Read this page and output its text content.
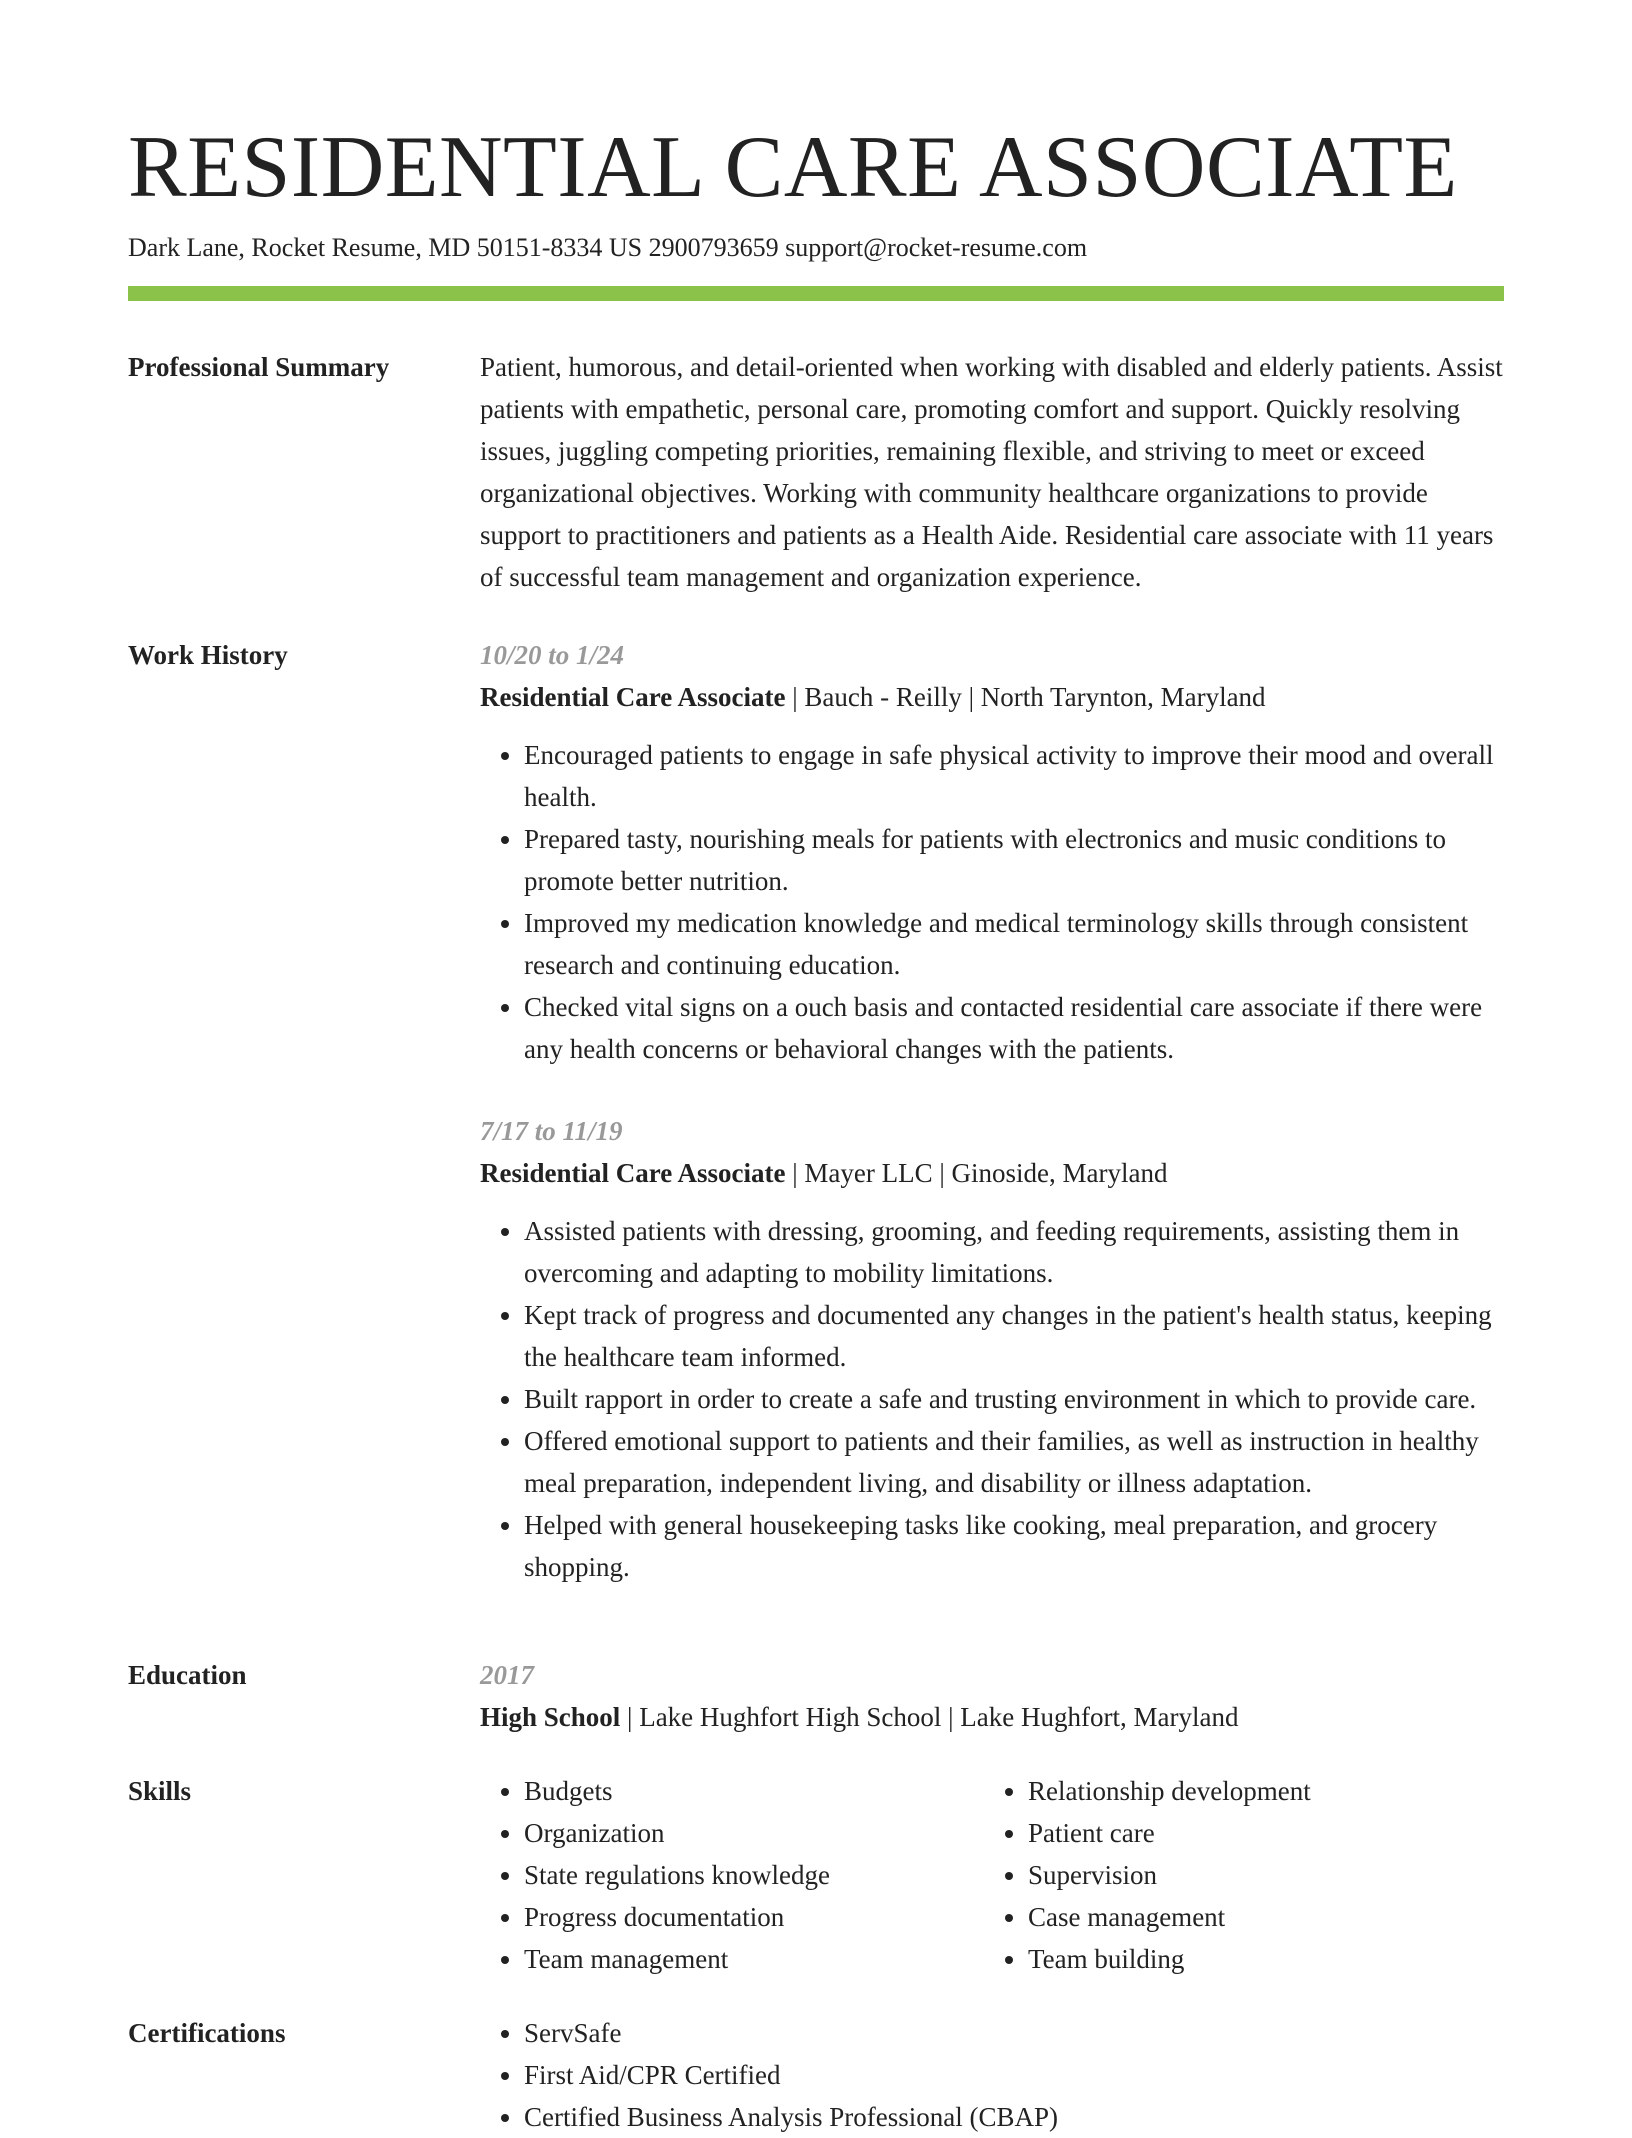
RESIDENTIAL CARE ASSOCIATE
Dark Lane, Rocket Resume, MD 50151-8334 US 2900793659 support@rocket-resume.com
Professional Summary	Patient, humorous, and detail-oriented when working with disabled and elderly patients. Assist patients with empathetic, personal care, promoting comfort and support. Quickly resolving issues, juggling competing priorities, remaining flexible, and striving to meet or exceed organizational objectives. Working with community healthcare organizations to provide support to practitioners and patients as a Health Aide. Residential care associate with 11 years of successful team management and organization experience.

Work History	10/20 to 1/24
Residential Care Associate | Bauch - Reilly | North Tarynton, Maryland
• Encouraged patients to engage in safe physical activity to improve their mood and overall health.
• Prepared tasty, nourishing meals for patients with electronics and music conditions to promote better nutrition.
• Improved my medication knowledge and medical terminology skills through consistent research and continuing education.
• Checked vital signs on a ouch basis and contacted residential care associate if there were any health concerns or behavioral changes with the patients.
7/17 to 11/19
Residential Care Associate | Mayer LLC | Ginoside, Maryland
• Assisted patients with dressing, grooming, and feeding requirements, assisting them in overcoming and adapting to mobility limitations.
• Kept track of progress and documented any changes in the patient's health status, keeping the healthcare team informed.
• Built rapport in order to create a safe and trusting environment in which to provide care.
• Offered emotional support to patients and their families, as well as instruction in healthy meal preparation, independent living, and disability or illness adaptation.
• Helped with general housekeeping tasks like cooking, meal preparation, and grocery shopping.
Education	2017
High School | Lake Hughfort High School | Lake Hughfort, Maryland
Skills	• Budgets
• Organization
• State regulations knowledge
• Progress documentation
• Team management
• Relationship development
• Patient care
• Supervision
• Case management
• Team building
Certifications	• ServSafe
• First Aid/CPR Certified
• Certified Business Analysis Professional (CBAP)
